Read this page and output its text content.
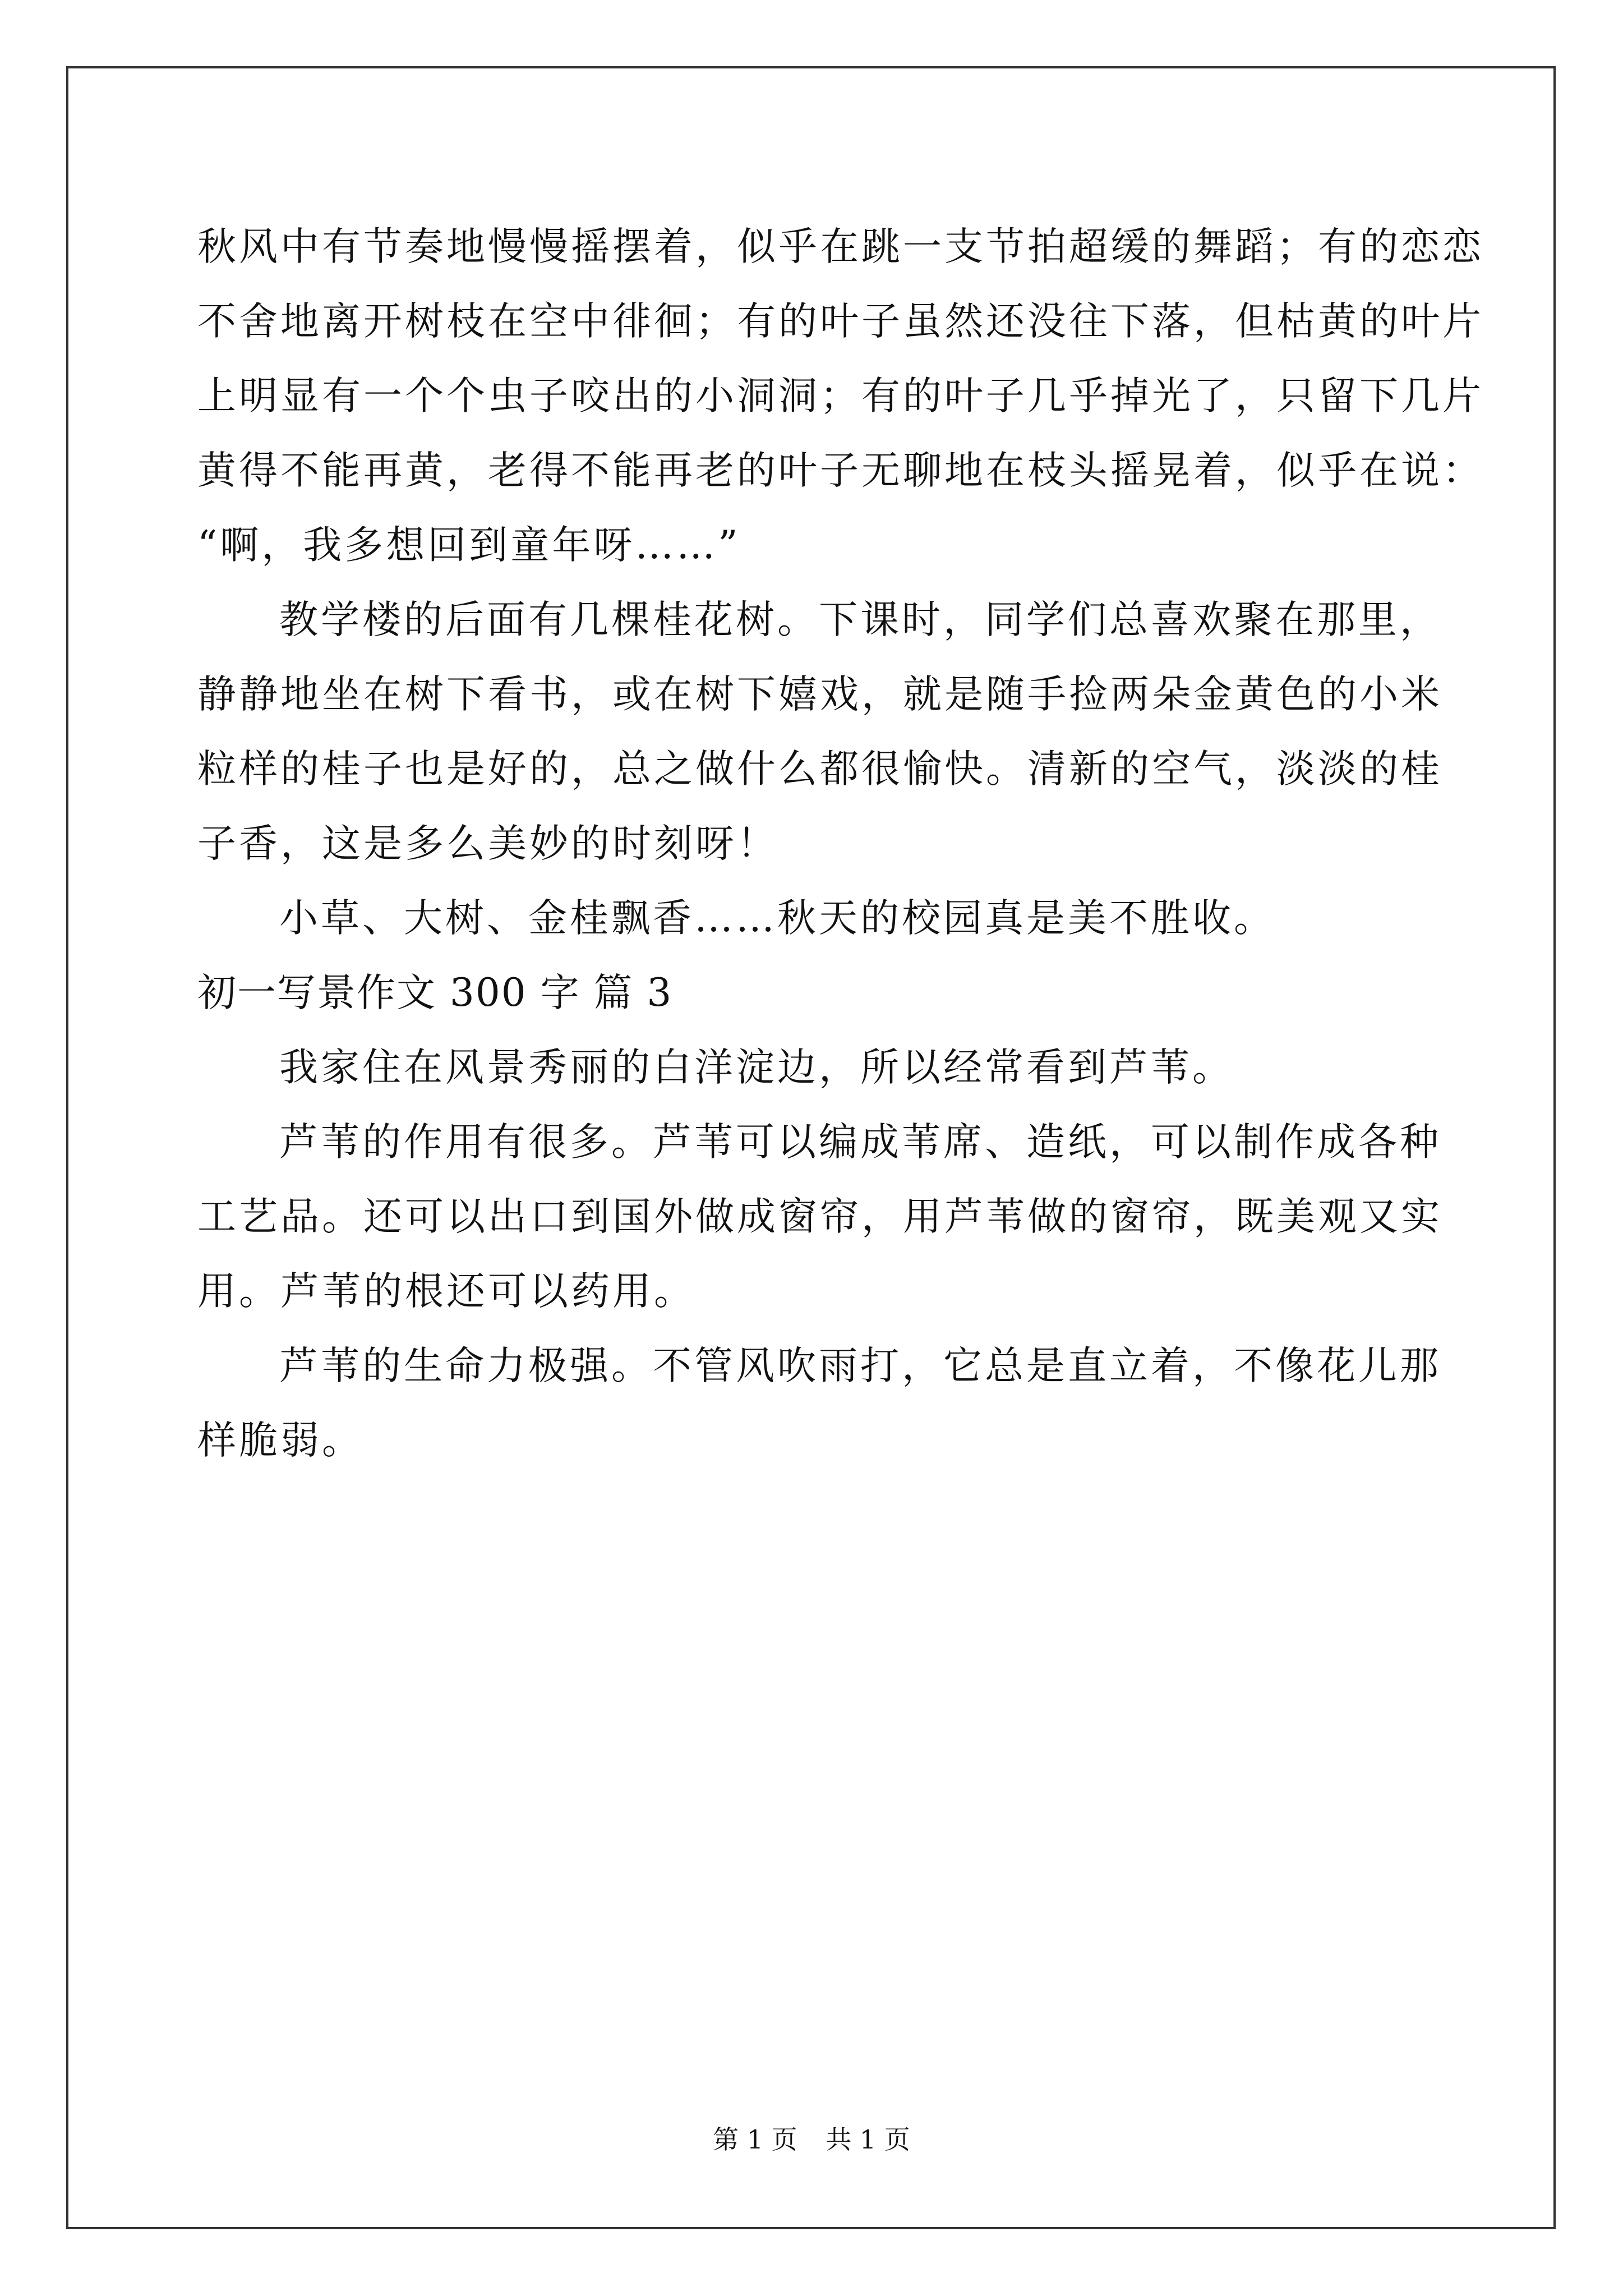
秋风中有节奏地慢慢摇摆着，似乎在跳一支节拍超缓的舞蹈；有的恋恋
不舍地离开树枝在空中徘徊；有的叶子虽然还没往下落，但枯黄的叶片
上明显有一个个虫子咬出的小洞洞；有的叶子几乎掉光了，只留下几片
黄得不能再黄，老得不能再老的叶子无聊地在枝头摇晃着，似乎在说：
“啊，我多想回到童年呀……”
教学楼的后面有几棵桂花树。下课时，同学们总喜欢聚在那里，
静静地坐在树下看书，或在树下嬉戏，就是随手捡两朵金黄色的小米
粒样的桂子也是好的，总之做什么都很愉快。清新的空气，淡淡的桂
子香，这是多么美妙的时刻呀！
小草、大树、金桂飘香……秋天的校园真是美不胜收。
初一写景作文 300 字 篇 3
我家住在风景秀丽的白洋淀边，所以经常看到芦苇。
芦苇的作用有很多。芦苇可以编成苇席、造纸，可以制作成各种
工艺品。还可以出口到国外做成窗帘，用芦苇做的窗帘，既美观又实
用。芦苇的根还可以药用。
芦苇的生命力极强。不管风吹雨打，它总是直立着，不像花儿那
样脆弱。
第 1 页 共 1 页
